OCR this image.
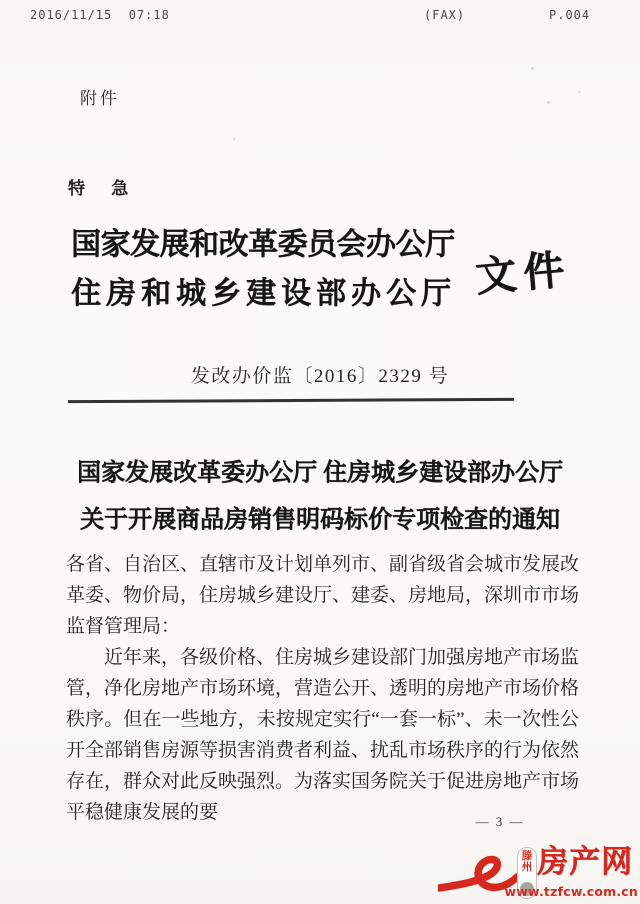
2016/11/15  07:18	(FAX)	P.004
附件
特 急
国家发展和改革委员会办公厅
住房和城乡建设部办公厅 文件
发改办价监〔2016〕2329 号
国家发展改革委办公厅 住房城乡建设部办公厅
关于开展商品房销售明码标价专项检查的通知

各省、自治区、直辖市及计划单列市、副省级省会城市发展改革委、物价局，住房城乡建设厅、建委、房地局，深圳市市场监督管理局：

近年来，各级价格、住房城乡建设部门加强房地产市场监管，净化房地产市场环境，营造公开、透明的房地产市场价格秩序。但在一些地方，未按规定实行“一套一标”、未一次性公开全部销售房源等损害消费者利益、扰乱市场秩序的行为依然存在，群众对此反映强烈。为落实国务院关于促进房地产市场平稳健康发展的要	— 3 —
滕州 房产网
www.tzfcw.com.cn
